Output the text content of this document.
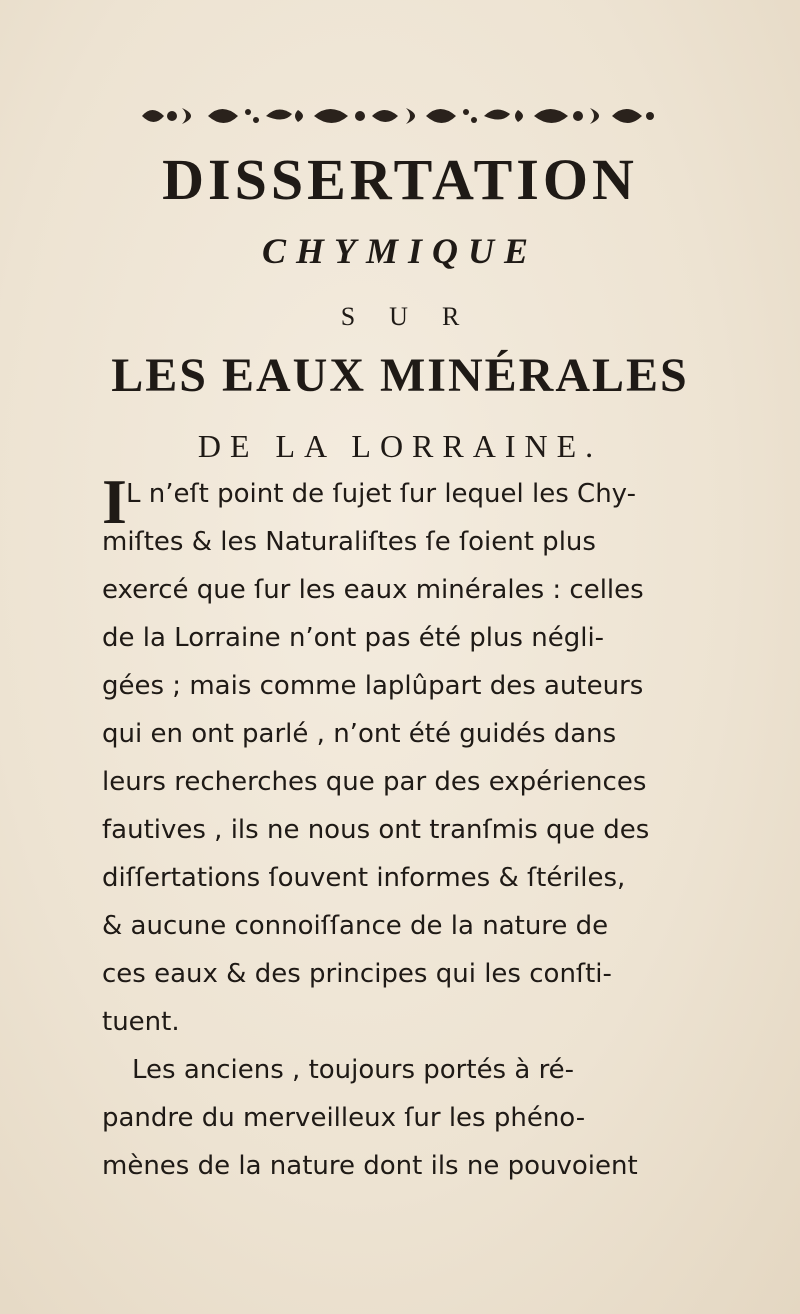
DISSERTATION
CHYMIQUE
SUR
LES EAUX MINÉRALES
DE LA LORRAINE.
I L n’eſt point de ſujet ſur lequel les Chy-
miſtes & les Naturaliſtes ſe ſoient plus
exercé que ſur les eaux minérales : celles
de la Lorraine n’ont pas été plus négli-
gées ; mais comme laplûpart des auteurs
qui en ont parlé , n’ont été guidés dans
leurs recherches que par des expériences
fautives , ils ne nous ont tranſmis que des
diſſertations ſouvent informes & ſtériles,
& aucune connoiſſance de la nature de
ces eaux & des principes qui les conſti-
tuent.
Les anciens , toujours portés à ré-
pandre du merveilleux ſur les phéno-
mènes de la nature dont ils ne pouvoient
